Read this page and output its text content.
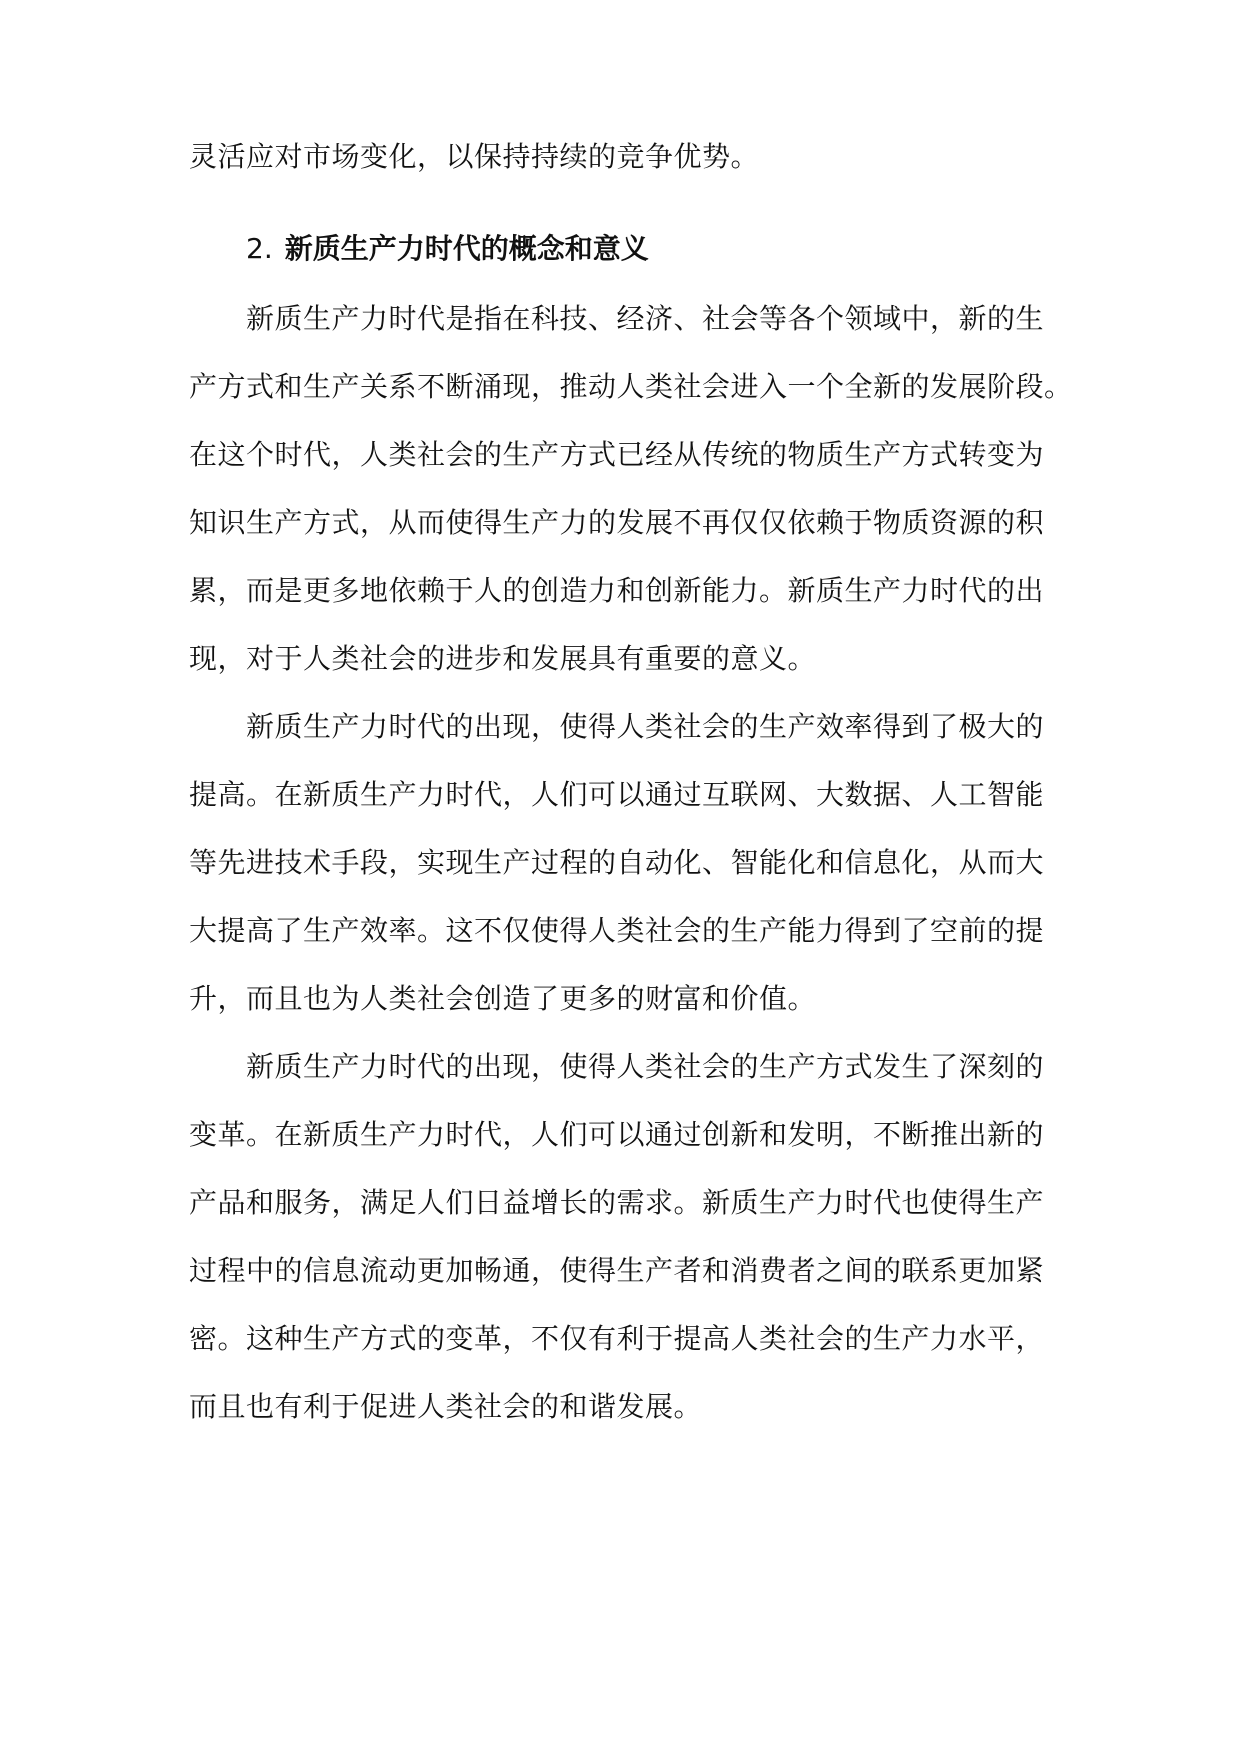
灵活应对市场变化，以保持持续的竞争优势。
2. 新质生产力时代的概念和意义
新质生产力时代是指在科技、经济、社会等各个领域中，新的生
产方式和生产关系不断涌现，推动人类社会进入一个全新的发展阶段。
在这个时代，人类社会的生产方式已经从传统的物质生产方式转变为
知识生产方式，从而使得生产力的发展不再仅仅依赖于物质资源的积
累，而是更多地依赖于人的创造力和创新能力。新质生产力时代的出
现，对于人类社会的进步和发展具有重要的意义。
新质生产力时代的出现，使得人类社会的生产效率得到了极大的
提高。在新质生产力时代，人们可以通过互联网、大数据、人工智能
等先进技术手段，实现生产过程的自动化、智能化和信息化，从而大
大提高了生产效率。这不仅使得人类社会的生产能力得到了空前的提
升，而且也为人类社会创造了更多的财富和价值。
新质生产力时代的出现，使得人类社会的生产方式发生了深刻的
变革。在新质生产力时代，人们可以通过创新和发明，不断推出新的
产品和服务，满足人们日益增长的需求。新质生产力时代也使得生产
过程中的信息流动更加畅通，使得生产者和消费者之间的联系更加紧
密。这种生产方式的变革，不仅有利于提高人类社会的生产力水平，
而且也有利于促进人类社会的和谐发展。
